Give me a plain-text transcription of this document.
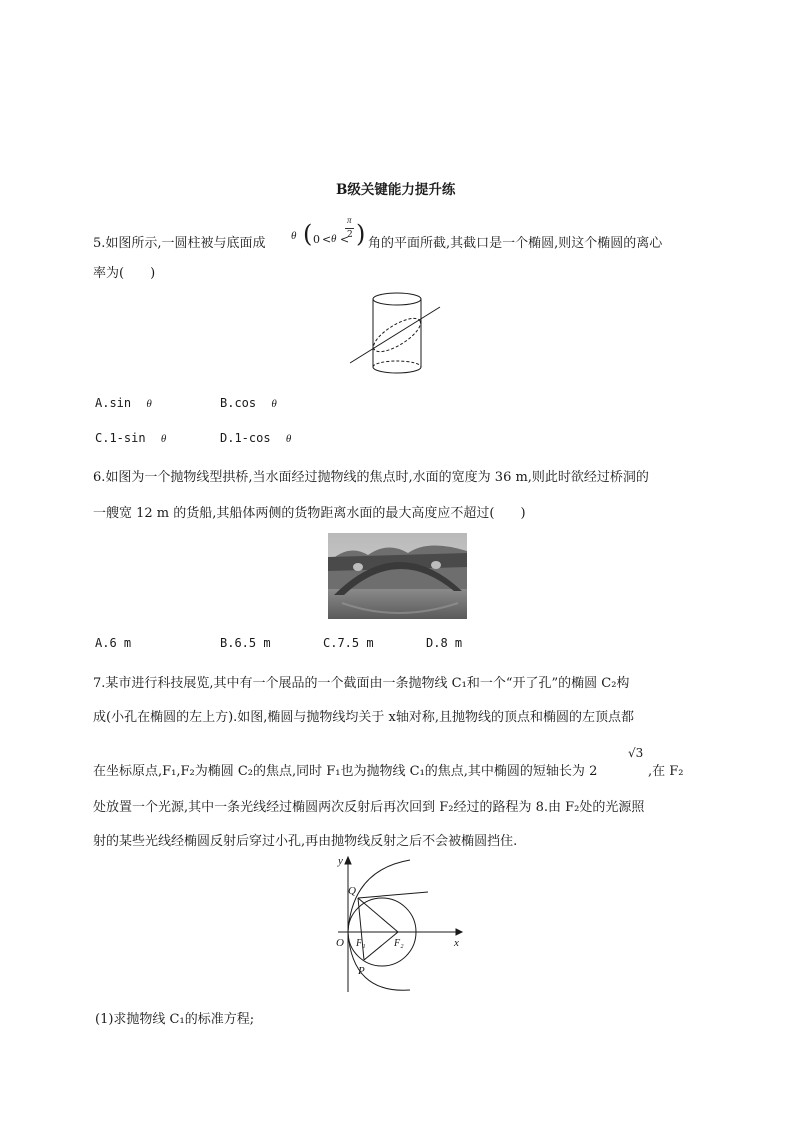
B级关键能力提升练
5.如图所示,一圆柱被与底面成 θ ( 0 < θ <
π
2 ) 角的平面所截,其截口是一个椭圆,则这个椭圆的离心
率为(　　)
A.sin θ	B.cos θ
C.1-sin θ	D.1-cos θ
6.如图为一个抛物线型拱桥,当水面经过抛物线的焦点时,水面的宽度为 36 m,则此时欲经过桥洞的
一艘宽 12 m 的货船,其船体两侧的货物距离水面的最大高度应不超过(　　)
A.6 m	B.6.5 m	C.7.5 m	D.8 m
7.某市进行科技展览,其中有一个展品的一个截面由一条抛物线 C₁和一个“开了孔”的椭圆 C₂构
成(小孔在椭圆的左上方).如图,椭圆与抛物线均关于 x轴对称,且抛物线的顶点和椭圆的左顶点都
在坐标原点,F₁,F₂为椭圆 C₂的焦点,同时 F₁也为抛物线 C₁的焦点,其中椭圆的短轴长为 2
√3
,在 F₂
处放置一个光源,其中一条光线经过椭圆两次反射后再次回到 F₂经过的路程为 8.由 F₂处的光源照
射的某些光线经椭圆反射后穿过小孔,再由抛物线反射之后不会被椭圆挡住.
y
x
O
Q
P
F₁	F₂
(1)求抛物线 C₁的标准方程;
